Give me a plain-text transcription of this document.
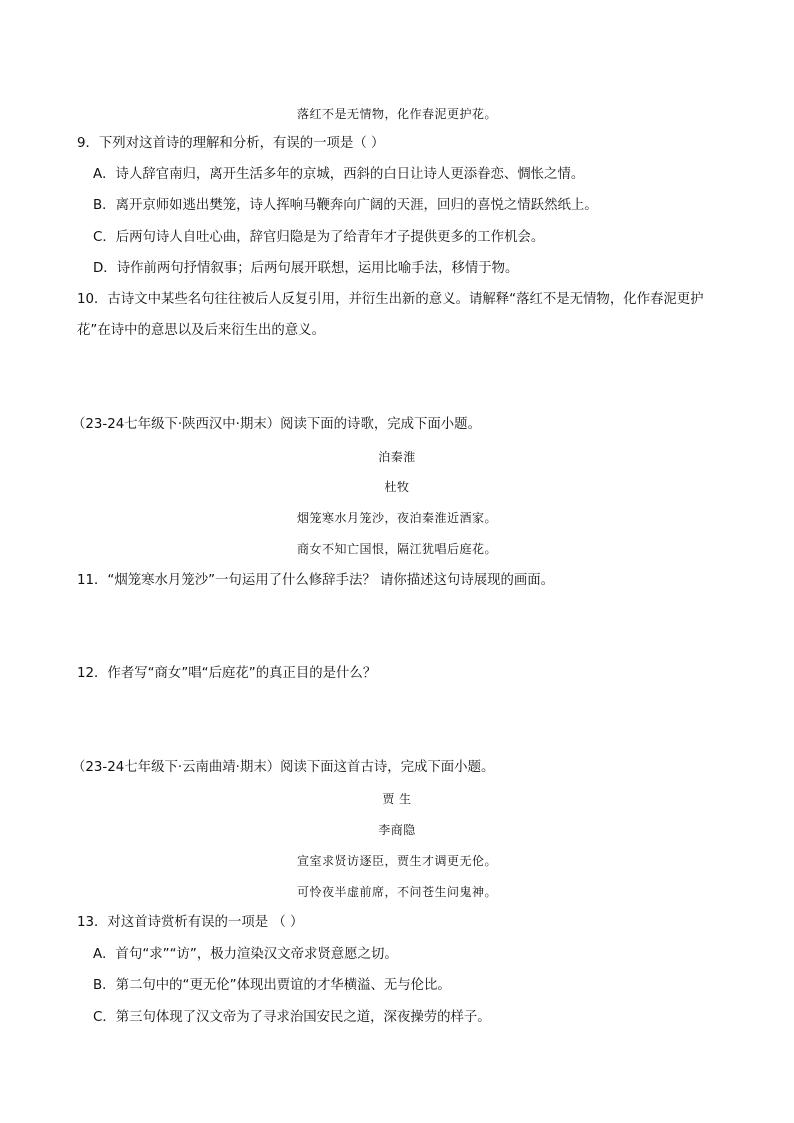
落红不是无情物，化作春泥更护花。
9．下列对这首诗的理解和分析，有误的一项是（ ）
A．诗人辞官南归，离开生活多年的京城，西斜的白日让诗人更添眷恋、惆怅之情。
B．离开京师如逃出樊笼，诗人挥响马鞭奔向广阔的天涯，回归的喜悦之情跃然纸上。
C．后两句诗人自吐心曲，辞官归隐是为了给青年才子提供更多的工作机会。
D．诗作前两句抒情叙事；后两句展开联想，运用比喻手法，移情于物。
10．古诗文中某些名句往往被后人反复引用，并衍生出新的意义。请解释“落红不是无情物，化作春泥更护
花”在诗中的意思以及后来衍生出的意义。
（23-24七年级下·陕西汉中·期末）阅读下面的诗歌，完成下面小题。
泊秦淮
杜牧
烟笼寒水月笼沙，夜泊秦淮近酒家。
商女不知亡国恨，隔江犹唱后庭花。
11．“烟笼寒水月笼沙”一句运用了什么修辞手法？ 请你描述这句诗展现的画面。
12．作者写“商女”唱“后庭花”的真正目的是什么？
（23-24七年级下·云南曲靖·期末）阅读下面这首古诗，完成下面小题。
贾 生
李商隐
宣室求贤访逐臣，贾生才调更无伦。
可怜夜半虚前席，不问苍生问鬼神。
13．对这首诗赏析有误的一项是 （ ）
A．首句“求”“访”，极力渲染汉文帝求贤意愿之切。
B．第二句中的“更无伦”体现出贾谊的才华横溢、无与伦比。
C．第三句体现了汉文帝为了寻求治国安民之道，深夜操劳的样子。
